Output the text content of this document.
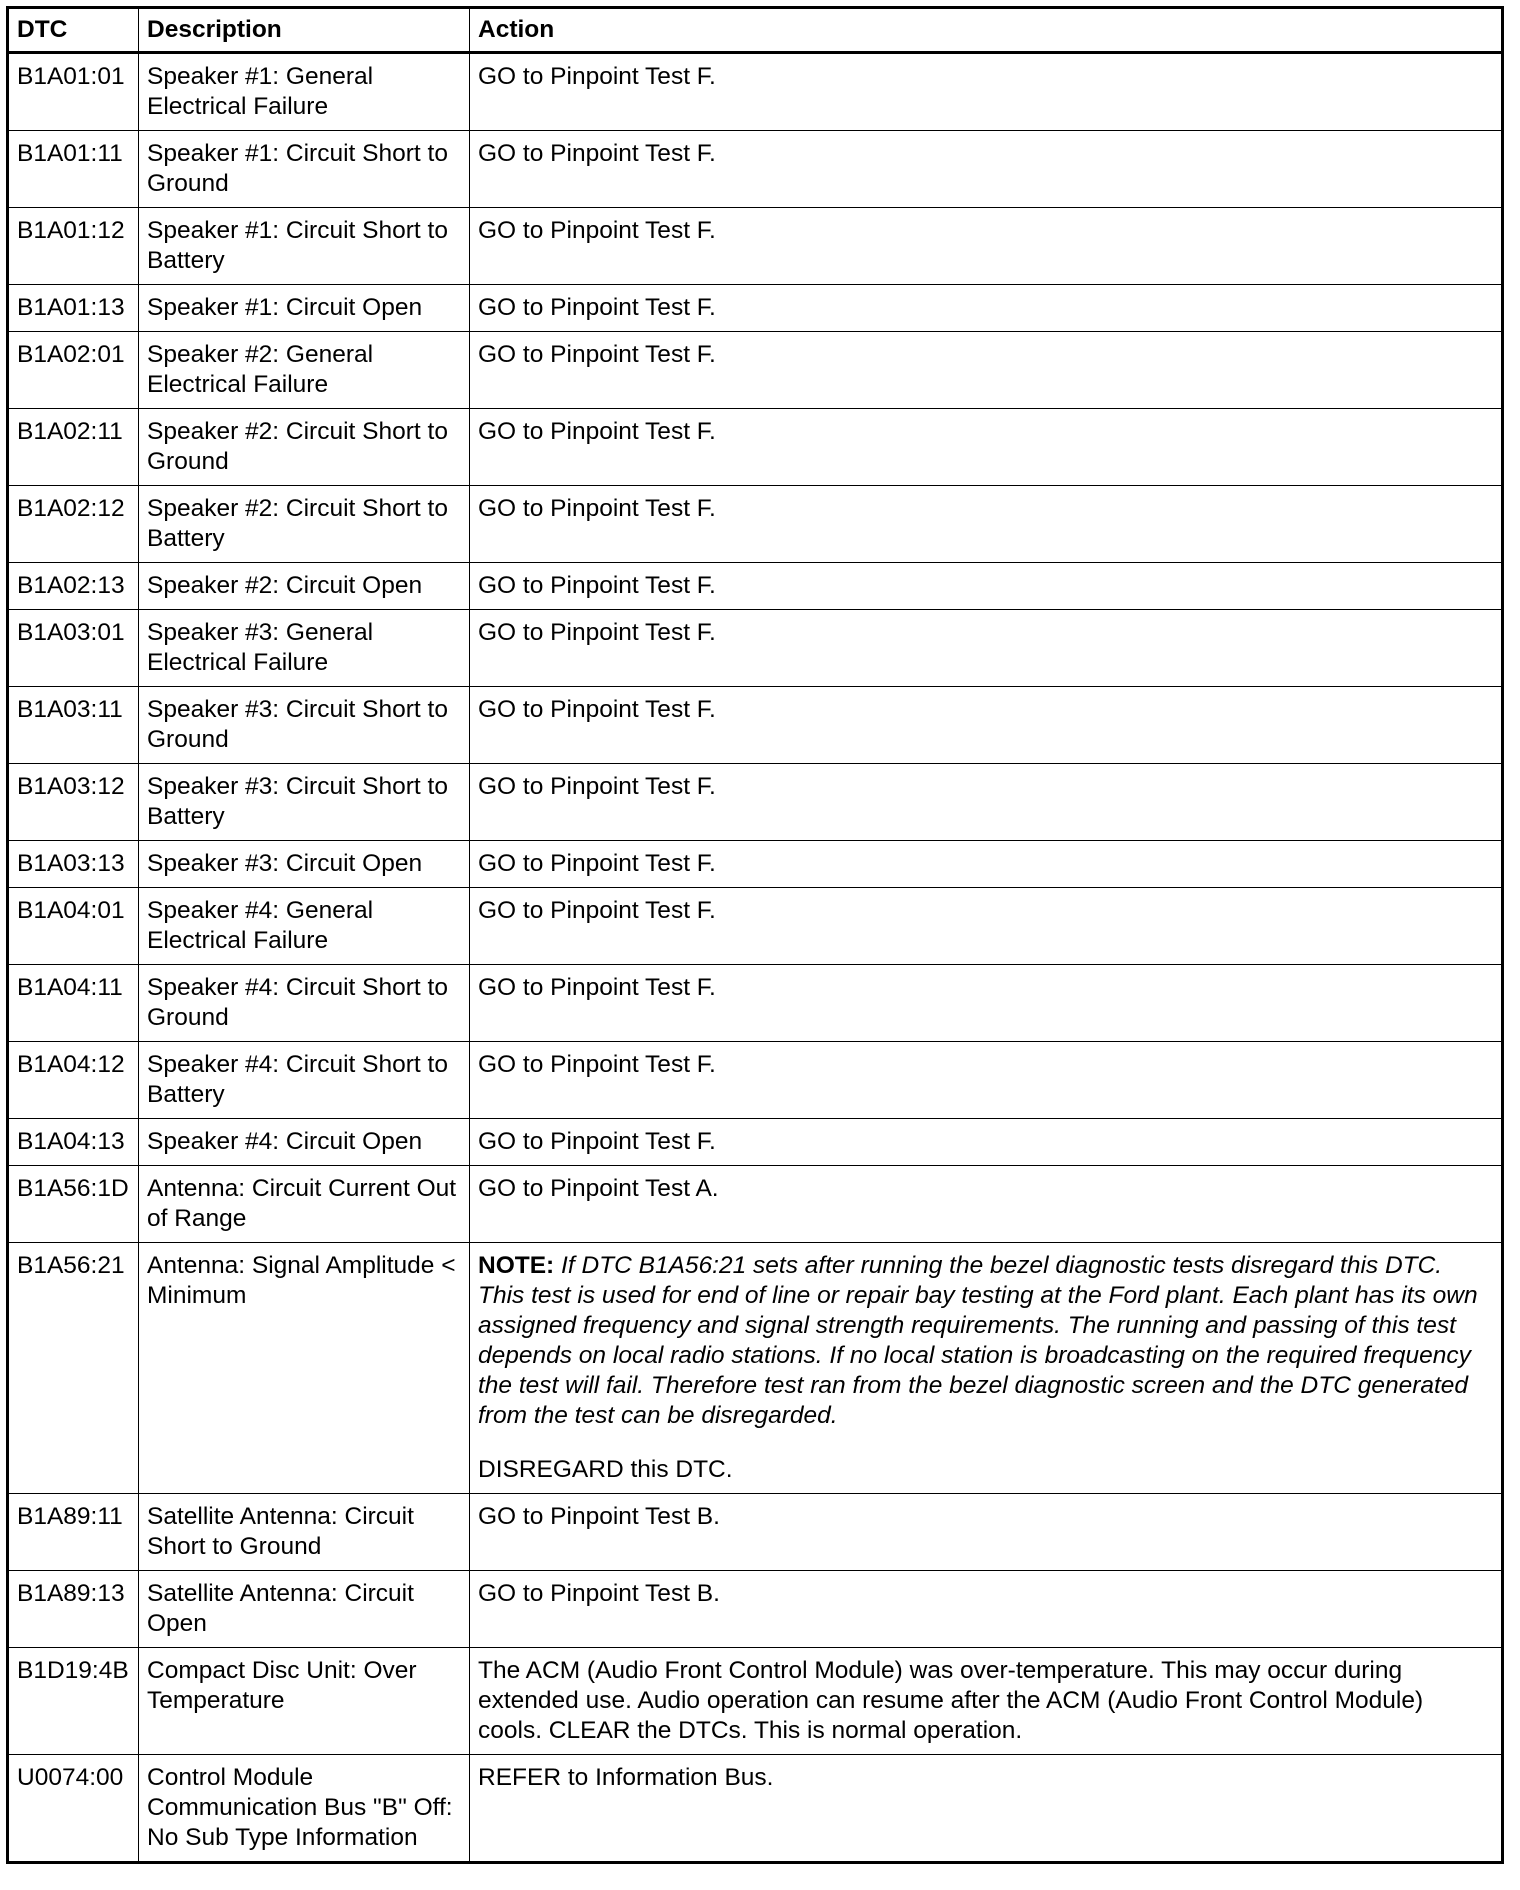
DTC	Description	Action
B1A01:01	Speaker #1: General Electrical Failure	GO to Pinpoint Test F.
B1A01:11	Speaker #1: Circuit Short to Ground	GO to Pinpoint Test F.
B1A01:12	Speaker #1: Circuit Short to Battery	GO to Pinpoint Test F.
B1A01:13	Speaker #1: Circuit Open	GO to Pinpoint Test F.
B1A02:01	Speaker #2: General Electrical Failure	GO to Pinpoint Test F.
B1A02:11	Speaker #2: Circuit Short to Ground	GO to Pinpoint Test F.
B1A02:12	Speaker #2: Circuit Short to Battery	GO to Pinpoint Test F.
B1A02:13	Speaker #2: Circuit Open	GO to Pinpoint Test F.
B1A03:01	Speaker #3: General Electrical Failure	GO to Pinpoint Test F.
B1A03:11	Speaker #3: Circuit Short to Ground	GO to Pinpoint Test F.
B1A03:12	Speaker #3: Circuit Short to Battery	GO to Pinpoint Test F.
B1A03:13	Speaker #3: Circuit Open	GO to Pinpoint Test F.
B1A04:01	Speaker #4: General Electrical Failure	GO to Pinpoint Test F.
B1A04:11	Speaker #4: Circuit Short to Ground	GO to Pinpoint Test F.
B1A04:12	Speaker #4: Circuit Short to Battery	GO to Pinpoint Test F.
B1A04:13	Speaker #4: Circuit Open	GO to Pinpoint Test F.
B1A56:1D	Antenna: Circuit Current Out of Range	GO to Pinpoint Test A.
B1A56:21	Antenna: Signal Amplitude < Minimum	NOTE: If DTC B1A56:21 sets after running the bezel diagnostic tests disregard this DTC. This test is used for end of line or repair bay testing at the Ford plant. Each plant has its own assigned frequency and signal strength requirements. The running and passing of this test depends on local radio stations. If no local station is broadcasting on the required frequency the test will fail. Therefore test ran from the bezel diagnostic screen and the DTC generated from the test can be disregarded.
DISREGARD this DTC.

B1A89:11	Satellite Antenna: Circuit Short to Ground	GO to Pinpoint Test B.
B1A89:13	Satellite Antenna: Circuit Open	GO to Pinpoint Test B.
B1D19:4B	Compact Disc Unit: Over Temperature	The ACM (Audio Front Control Module) was over-temperature. This may occur during extended use. Audio operation can resume after the ACM (Audio Front Control Module) cools. CLEAR the DTCs. This is normal operation.
U0074:00	Control Module Communication Bus "B" Off: No Sub Type Information	REFER to Information Bus.
